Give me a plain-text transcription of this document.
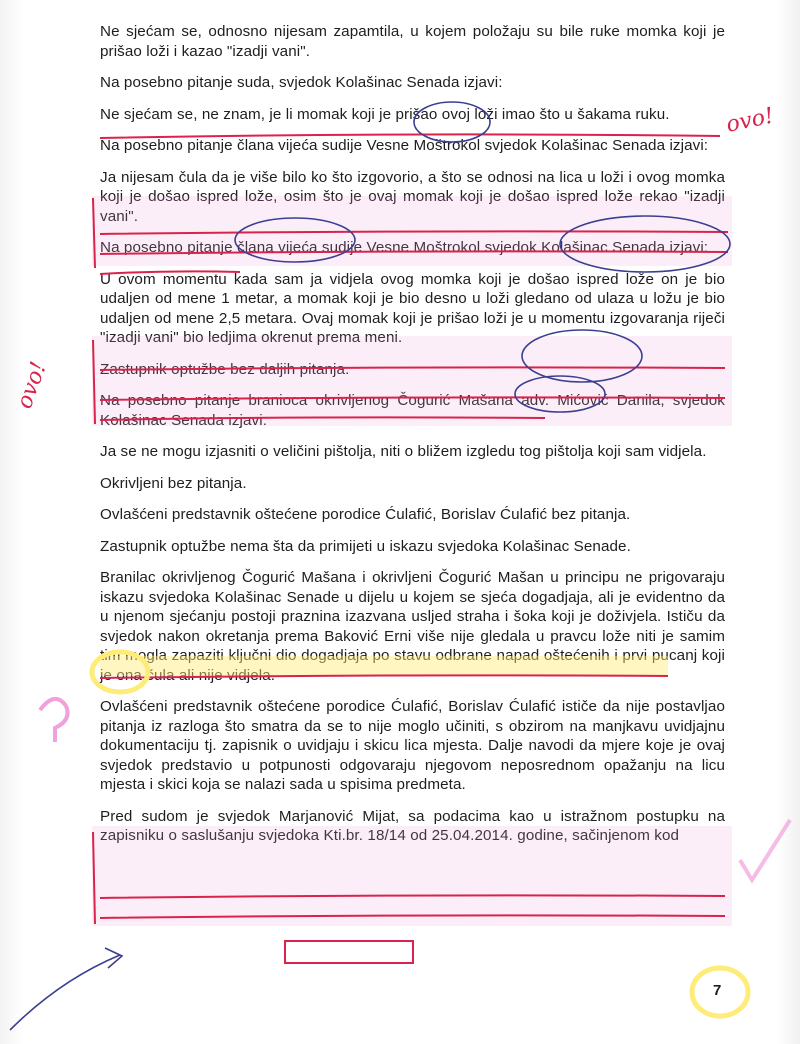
Ne sjećam se, odnosno nijesam zapamtila, u kojem položaju su bile ruke momka koji je prišao loži i kazao "izadji vani".

Na posebno pitanje suda, svjedok Kolašinac Senada izjavi:

Ne sjećam se, ne znam, je li momak koji je prišao ovoj loži imao što u šakama ruku.

Na posebno pitanje člana vijeća sudije Vesne Moštrokol svjedok Kolašinac Senada izjavi:

Ja nijesam čula da je više bilo ko što izgovorio, a što se odnosi na lica u loži i ovog momka koji je došao ispred lože, osim što je ovaj momak koji je došao ispred lože rekao "izadji vani".

Na posebno pitanje člana vijeća sudije Vesne Moštrokol svjedok Kolašinac Senada izjavi:

U ovom momentu kada sam ja vidjela ovog momka koji je došao ispred lože on je bio udaljen od mene 1 metar, a momak koji je bio desno u loži gledano od ulaza u ložu je bio udaljen od mene 2,5 metara. Ovaj momak koji je prišao loži je u momentu izgovaranja riječi "izadji vani" bio ledjima okrenut prema meni.

Zastupnik optužbe bez daljih pitanja.

Na posebno pitanje branioca okrivljenog Čogurić Mašana adv. Mićović Danila, svjedok Kolašinac Senada izjavi:

Ja se ne mogu izjasniti o veličini pištolja, niti o bližem izgledu tog pištolja koji sam vidjela.

Okrivljeni bez pitanja.

Ovlašćeni predstavnik oštećene porodice Ćulafić, Borislav Ćulafić bez pitanja.

Zastupnik optužbe nema šta da primijeti u iskazu svjedoka Kolašinac Senade.

Branilac okrivljenog Čogurić Mašana i okrivljeni Čogurić Mašan u principu ne prigovaraju iskazu svjedoka Kolašinac Senade u dijelu u kojem se sjeća dogadjaja, ali je evidentno da u njenom sjećanju postoji praznina izazvana usljed straha i šoka koji je doživjela. Ističu da svjedok nakon okretanja prema Baković Erni više nije gledala u pravcu lože niti je samim tim mogla zapaziti ključni dio dogadjaja po stavu odbrane napad oštećenih i prvi pucanj koji je ona čula ali nije vidjela.

Ovlašćeni predstavnik oštećene porodice Ćulafić, Borislav Ćulafić ističe da nije postavljao pitanja iz razloga što smatra da se to nije moglo učiniti, s obzirom na manjkavu uvidjajnu dokumentaciju tj. zapisnik o uvidjaju i skicu lica mjesta. Dalje navodi da mjere koje je ovaj svjedok predstavio u potpunosti odgovaraju njegovom neposrednom opažanju na licu mjesta i skici koja se nalazi sada u spisima predmeta.

Pred sudom je svjedok Marjanović Mijat, sa podacima kao u istražnom postupku na zapisniku o saslušanju svjedoka Kti.br. 18/14 od 25.04.2014. godine, sačinjenom kod

7
ovo!
ovo!
